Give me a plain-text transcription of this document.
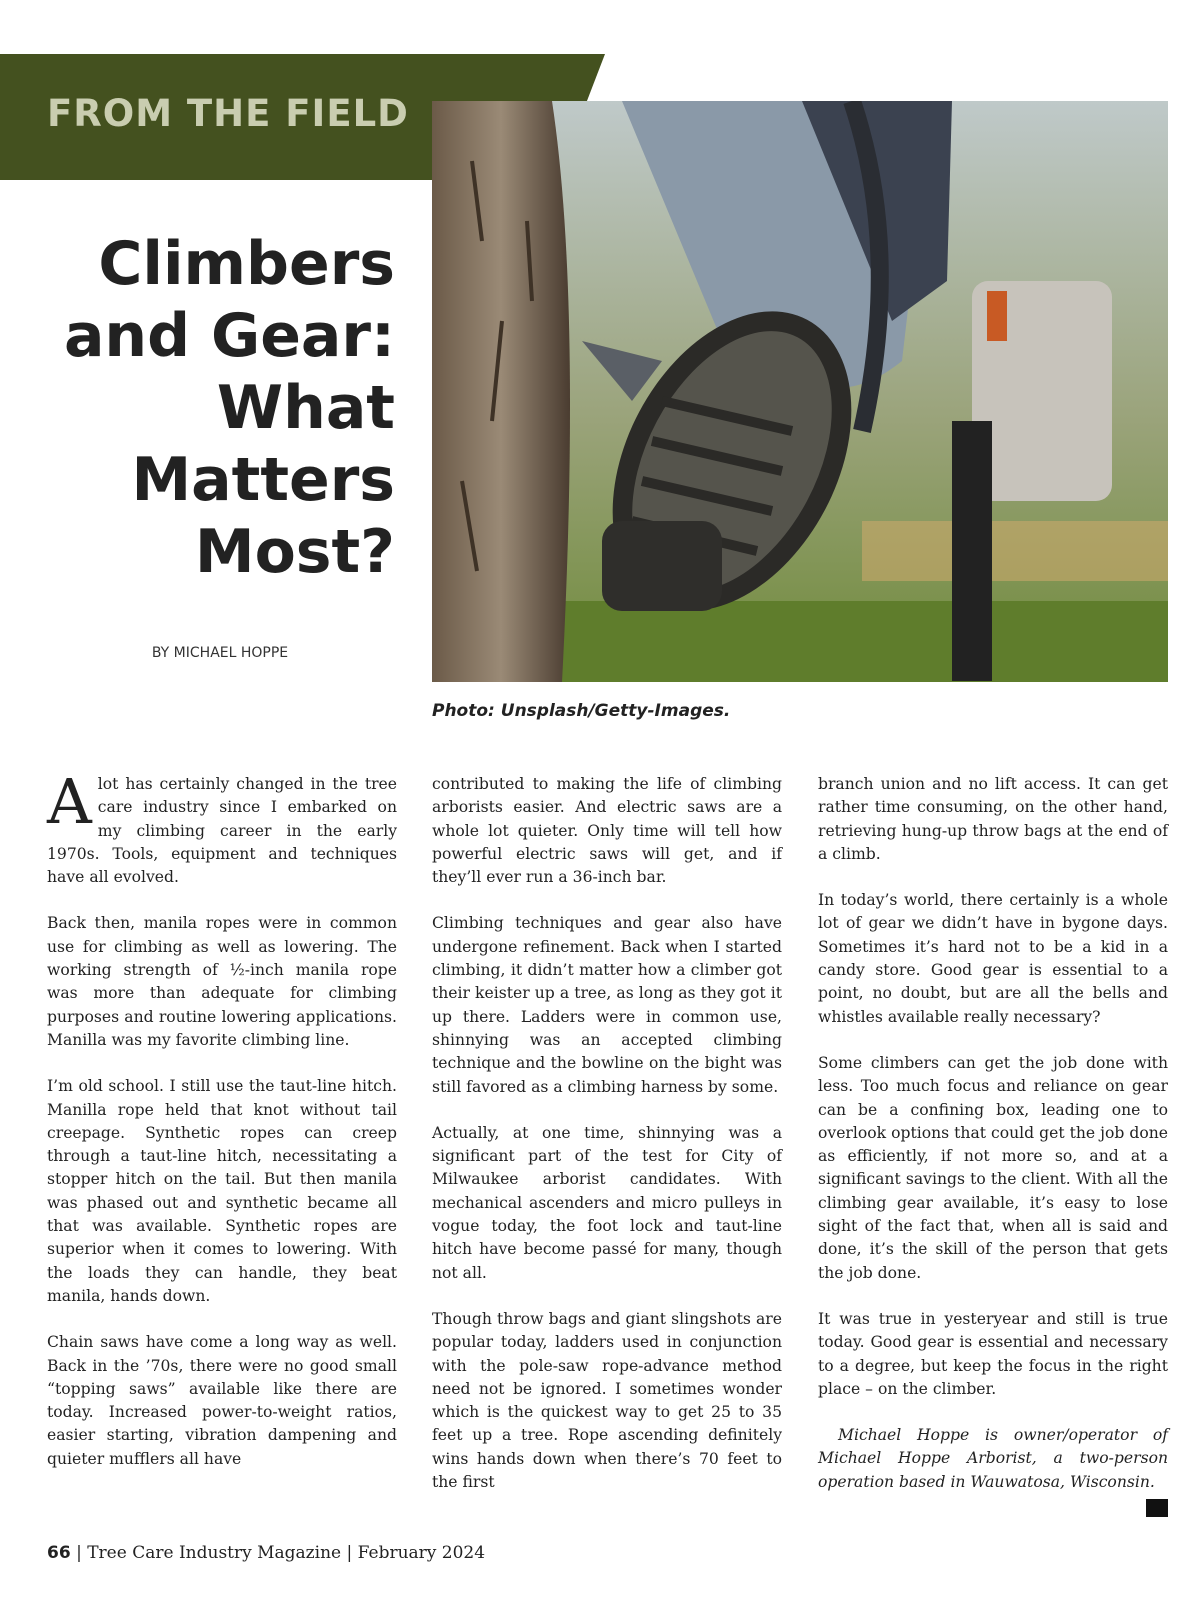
FROM THE FIELD
Climbers and Gear: What Matters Most?
BY MICHAEL HOPPE
Photo: Unsplash/Getty-Images.

Alot has certainly changed in the tree care industry since I embarked on my climbing career in the early 1970s. Tools, equipment and techniques have all evolved.

Back then, manila ropes were in common use for climbing as well as lowering. The working strength of ½-inch manila rope was more than adequate for climbing purposes and routine lowering applications. Manilla was my favorite climbing line.

I’m old school. I still use the taut-line hitch. Manilla rope held that knot without tail creepage. Synthetic ropes can creep through a taut-line hitch, necessitating a stopper hitch on the tail. But then manila was phased out and synthetic became all that was available. Synthetic ropes are superior when it comes to lowering. With the loads they can handle, they beat manila, hands down.

Chain saws have come a long way as well. Back in the ’70s, there were no good small “topping saws” available like there are today. Increased power-to-weight ratios, easier starting, vibration dampening and quieter mufflers all have

contributed to making the life of climbing arborists easier. And electric saws are a whole lot quieter. Only time will tell how powerful electric saws will get, and if they’ll ever run a 36-inch bar.

Climbing techniques and gear also have undergone refinement. Back when I started climbing, it didn’t matter how a climber got their keister up a tree, as long as they got it up there. Ladders were in common use, shinnying was an accepted climbing technique and the bowline on the bight was still favored as a climbing harness by some.

Actually, at one time, shinnying was a significant part of the test for City of Milwaukee arborist candidates. With mechanical ascenders and micro pulleys in vogue today, the foot lock and taut-line hitch have become passé for many, though not all.

Though throw bags and giant slingshots are popular today, ladders used in conjunction with the pole-saw rope-advance method need not be ignored. I sometimes wonder which is the quickest way to get 25 to 35 feet up a tree. Rope ascending definitely wins hands down when there’s 70 feet to the first

branch union and no lift access. It can get rather time consuming, on the other hand, retrieving hung-up throw bags at the end of a climb.

In today’s world, there certainly is a whole lot of gear we didn’t have in bygone days. Sometimes it’s hard not to be a kid in a candy store. Good gear is essential to a point, no doubt, but are all the bells and whistles available really necessary?

Some climbers can get the job done with less. Too much focus and reliance on gear can be a confining box, leading one to overlook options that could get the job done as efficiently, if not more so, and at a significant savings to the client. With all the climbing gear available, it’s easy to lose sight of the fact that, when all is said and done, it’s the skill of the person that gets the job done.

It was true in yesteryear and still is true today. Good gear is essential and necessary to a degree, but keep the focus in the right place – on the climber.

Michael Hoppe is owner/operator of Michael Hoppe Arborist, a two-person operation based in Wauwatosa, Wisconsin.

66 | Tree Care Industry Magazine | February 2024
